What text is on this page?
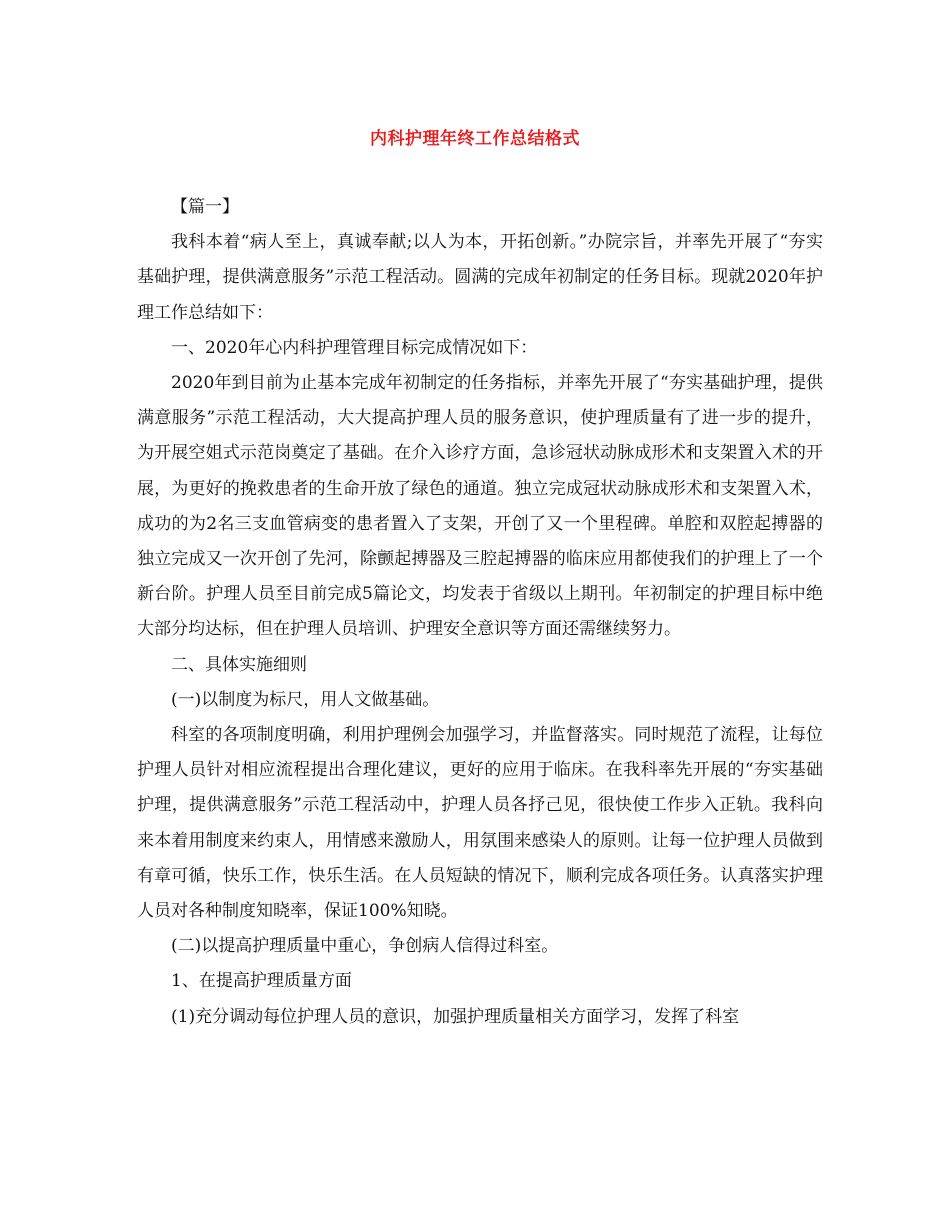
内科护理年终工作总结格式

【篇一】

我科本着“病人至上，真诚奉献;以人为本，开拓创新。”办院宗旨，并率先开展了“夯实基础护理，提供满意服务”示范工程活动。圆满的完成年初制定的任务目标。现就2020年护理工作总结如下：

一、2020年心内科护理管理目标完成情况如下：

2020年到目前为止基本完成年初制定的任务指标，并率先开展了“夯实基础护理，提供满意服务”示范工程活动，大大提高护理人员的服务意识，使护理质量有了进一步的提升，为开展空姐式示范岗奠定了基础。在介入诊疗方面，急诊冠状动脉成形术和支架置入术的开展，为更好的挽救患者的生命开放了绿色的通道。独立完成冠状动脉成形术和支架置入术，成功的为2名三支血管病变的患者置入了支架，开创了又一个里程碑。单腔和双腔起搏器的独立完成又一次开创了先河，除颤起搏器及三腔起搏器的临床应用都使我们的护理上了一个新台阶。护理人员至目前完成5篇论文，均发表于省级以上期刊。年初制定的护理目标中绝大部分均达标，但在护理人员培训、护理安全意识等方面还需继续努力。

二、具体实施细则

(一)以制度为标尺，用人文做基础。

科室的各项制度明确，利用护理例会加强学习，并监督落实。同时规范了流程，让每位护理人员针对相应流程提出合理化建议，更好的应用于临床。在我科率先开展的“夯实基础护理，提供满意服务”示范工程活动中，护理人员各抒己见，很快使工作步入正轨。我科向来本着用制度来约束人，用情感来激励人，用氛围来感染人的原则。让每一位护理人员做到有章可循，快乐工作，快乐生活。在人员短缺的情况下，顺利完成各项任务。认真落实护理人员对各种制度知晓率，保证100%知晓。

(二)以提高护理质量中重心，争创病人信得过科室。

1、在提高护理质量方面

(1)充分调动每位护理人员的意识，加强护理质量相关方面学习，发挥了科室
